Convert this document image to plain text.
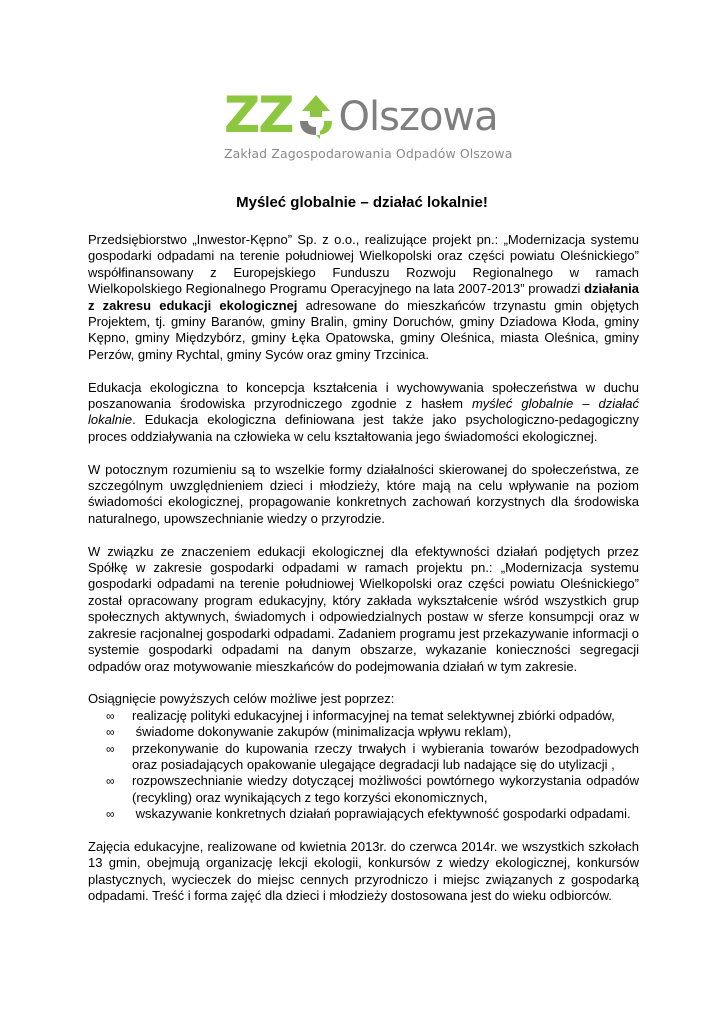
ZZ Olszowa
Zakład Zagospodarowania Odpadów Olszowa
Myśleć globalnie – działać lokalnie!

Przedsiębiorstwo „Inwestor-Kępno” Sp. z o.o., realizujące projekt pn.: „Modernizacja systemu gospodarki odpadami na terenie południowej Wielkopolski oraz części powiatu Oleśnickiego” współfinansowany z Europejskiego Funduszu Rozwoju Regionalnego w ramach Wielkopolskiego Regionalnego Programu Operacyjnego na lata 2007-2013” prowadzi działania z zakresu edukacji ekologicznej adresowane do mieszkańców trzynastu gmin objętych Projektem, tj. gminy Baranów, gminy Bralin, gminy Doruchów, gminy Dziadowa Kłoda, gminy Kępno, gminy Międzybórz, gminy Łęka Opatowska, gminy Oleśnica, miasta Oleśnica, gminy Perzów, gminy Rychtal, gminy Syców oraz gminy Trzcinica.

Edukacja ekologiczna to koncepcja kształcenia i wychowywania społeczeństwa w duchu poszanowania środowiska przyrodniczego zgodnie z hasłem myśleć globalnie – działać lokalnie. Edukacja ekologiczna definiowana jest także jako psychologiczno-pedagogiczny proces oddziaływania na człowieka w celu kształtowania jego świadomości ekologicznej.

W potocznym rozumieniu są to wszelkie formy działalności skierowanej do społeczeństwa, ze szczególnym uwzględnieniem dzieci i młodzieży, które mają na celu wpływanie na poziom świadomości ekologicznej, propagowanie konkretnych zachowań korzystnych dla środowiska naturalnego, upowszechnianie wiedzy o przyrodzie.

W związku ze znaczeniem edukacji ekologicznej dla efektywności działań podjętych przez Spółkę w zakresie gospodarki odpadami w ramach projektu pn.: „Modernizacja systemu gospodarki odpadami na terenie południowej Wielkopolski oraz części powiatu Oleśnickiego” został opracowany program edukacyjny, który zakłada wykształcenie wśród wszystkich grup społecznych aktywnych, świadomych i odpowiedzialnych postaw w sferze konsumpcji oraz w zakresie racjonalnej gospodarki odpadami. Zadaniem programu jest przekazywanie informacji o systemie gospodarki odpadami na danym obszarze, wykazanie konieczności segregacji odpadów oraz motywowanie mieszkańców do podejmowania działań w tym zakresie.

Osiągnięcie powyższych celów możliwe jest poprzez:

∞ realizację polityki edukacyjnej i informacyjnej na temat selektywnej zbiórki odpadów,
∞ świadome dokonywanie zakupów (minimalizacja wpływu reklam),
∞ przekonywanie do kupowania rzeczy trwałych i wybierania towarów bezodpadowych oraz posiadających opakowanie ulegające degradacji lub nadające się do utylizacji ,
∞ rozpowszechnianie wiedzy dotyczącej możliwości powtórnego wykorzystania odpadów (recykling) oraz wynikających z tego korzyści ekonomicznych,
∞ wskazywanie konkretnych działań poprawiających efektywność gospodarki odpadami.

Zajęcia edukacyjne, realizowane od kwietnia 2013r. do czerwca 2014r. we wszystkich szkołach 13 gmin, obejmują organizację lekcji ekologii, konkursów z wiedzy ekologicznej, konkursów plastycznych, wycieczek do miejsc cennych przyrodniczo i miejsc związanych z gospodarką odpadami. Treść i forma zajęć dla dzieci i młodzieży dostosowana jest do wieku odbiorców.
